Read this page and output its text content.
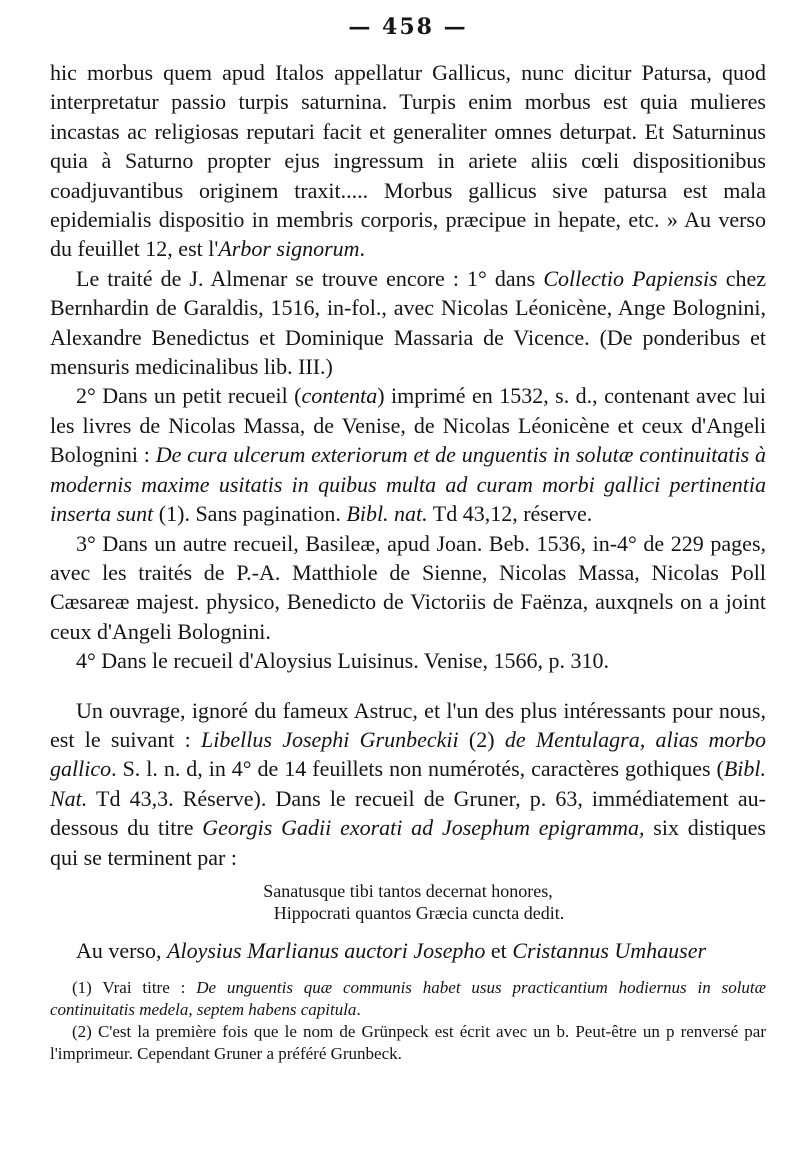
— 458 —

hic morbus quem apud Italos appellatur Gallicus, nunc dicitur Patursa, quod interpretatur passio turpis saturnina. Turpis enim morbus est quia mulieres incastas ac religiosas reputari facit et generaliter omnes deturpat. Et Saturninus quia à Saturno propter ejus ingressum in ariete aliis cœli dispositionibus coadjuvantibus originem traxit..... Morbus gallicus sive patursa est mala epidemialis dispositio in membris corporis, præcipue in hepate, etc. » Au verso du feuillet 12, est l'Arbor signorum.

Le traité de J. Almenar se trouve encore : 1° dans Collectio Papiensis chez Bernhardin de Garaldis, 1516, in-fol., avec Nicolas Léonicène, Ange Bolognini, Alexandre Benedictus et Dominique Massaria de Vicence. (De ponderibus et mensuris medicinalibus lib. III.)

2° Dans un petit recueil (contenta) imprimé en 1532, s. d., contenant avec lui les livres de Nicolas Massa, de Venise, de Nicolas Léonicène et ceux d'Angeli Bolognini : De cura ulcerum exteriorum et de unguentis in solutæ continuitatis à modernis maxime usitatis in quibus multa ad curam morbi gallici pertinentia inserta sunt (1). Sans pagination. Bibl. nat. Td 43,12, réserve.

3° Dans un autre recueil, Basileæ, apud Joan. Beb. 1536, in-4° de 229 pages, avec les traités de P.-A. Matthiole de Sienne, Nicolas Massa, Nicolas Poll Cæsareæ majest. physico, Benedicto de Victoriis de Faënza, auxqnels on a joint ceux d'Angeli Bolognini.

4° Dans le recueil d'Aloysius Luisinus. Venise, 1566, p. 310.

Un ouvrage, ignoré du fameux Astruc, et l'un des plus intéressants pour nous, est le suivant : Libellus Josephi Grunbeckii (2) de Mentulagra, alias morbo gallico. S. l. n. d, in 4° de 14 feuillets non numérotés, caractères gothiques (Bibl. Nat. Td 43,3. Réserve). Dans le recueil de Gruner, p. 63, immédiatement au-dessous du titre Georgis Gadii exorati ad Josephum epigramma, six distiques qui se terminent par :

Sanatusque tibi tantos decernat honores,
Hippocrati quantos Græcia cuncta dedit.

Au verso, Aloysius Marlianus auctori Josepho et Cristannus Umhauser

(1) Vrai titre : De unguentis quæ communis habet usus practicantium hodiernus in solutæ continuitatis medela, septem habens capitula.

(2) C'est la première fois que le nom de Grünpeck est écrit avec un b. Peut-être un p renversé par l'imprimeur. Cependant Gruner a préféré Grunbeck.
